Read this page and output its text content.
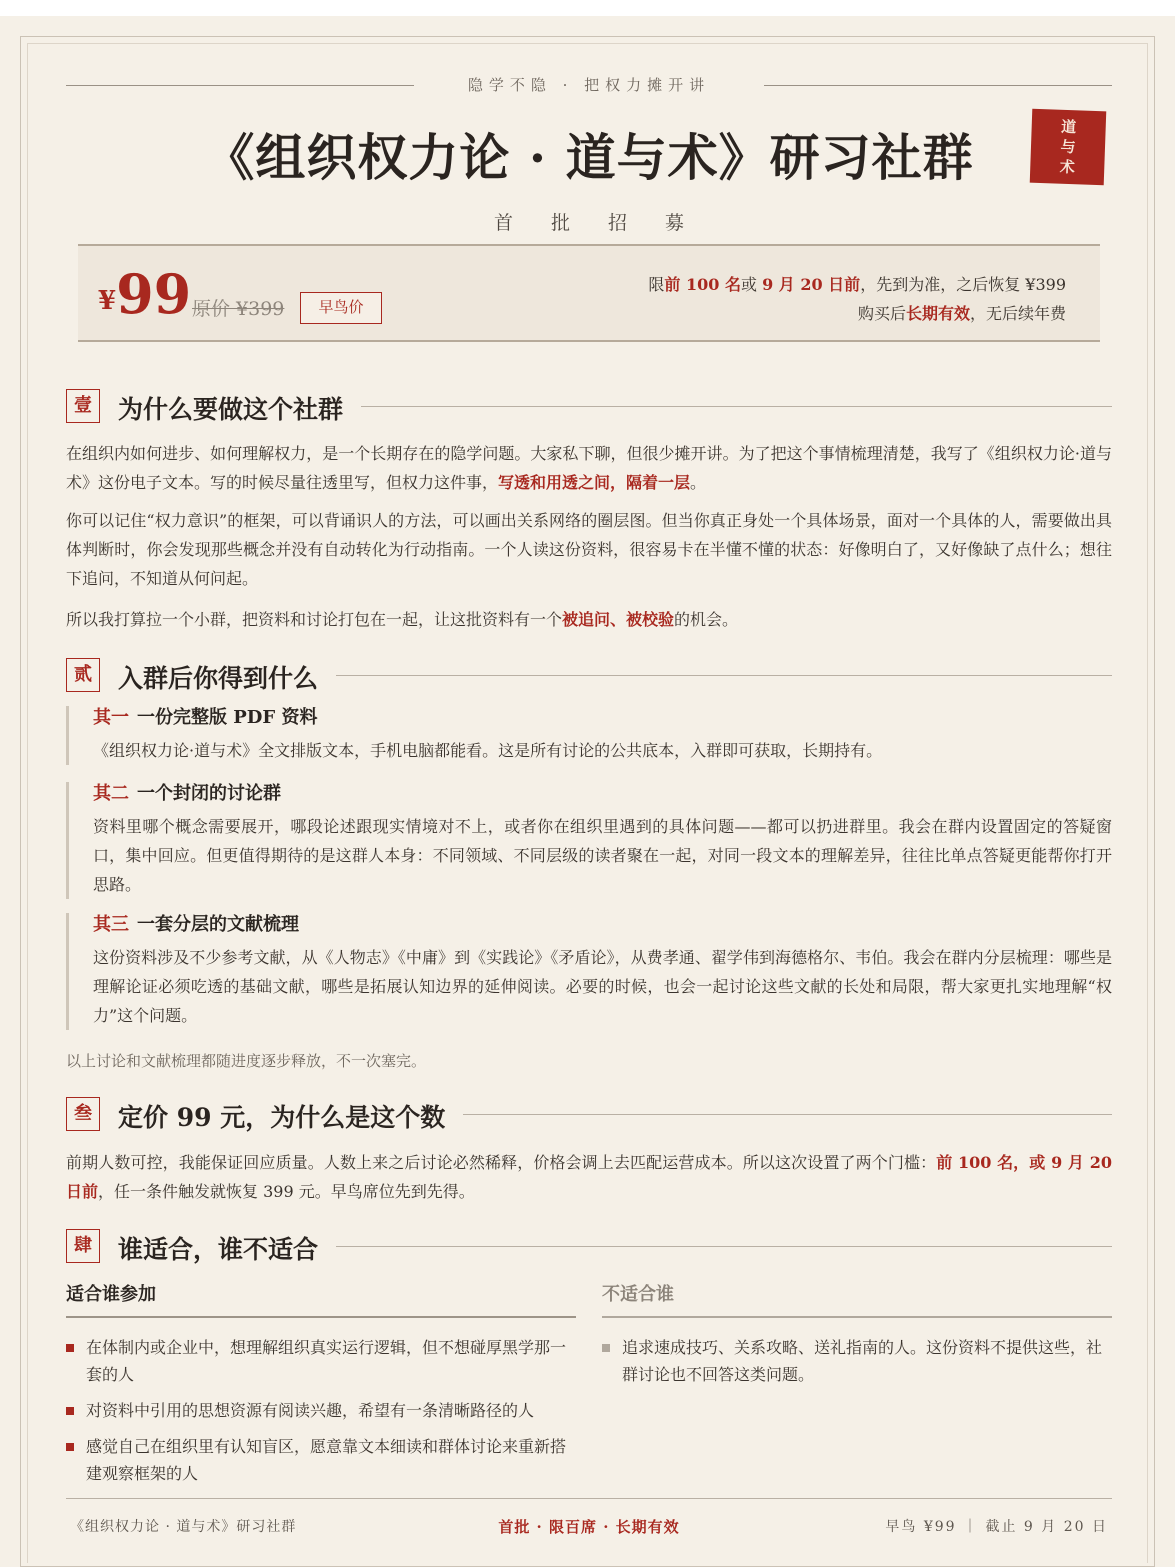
隐学不隐 · 把权力摊开讲
《组织权力论 · 道与术》研习社群
道
与
术
首批招募
¥99 原价 ¥399	早鸟价
限前 100 名或 9 月 20 日前，先到为准，之后恢复 ¥399
购买后长期有效，无后续年费
壹	为什么要做这个社群
在组织内如何进步、如何理解权力，是一个长期存在的隐学问题。大家私下聊，但很少摊开讲。为了把这个事情梳理清楚，我写了《组织权力论·道与术》这份电子文本。写的时候尽量往透里写，但权力这件事，写透和用透之间，隔着一层。
你可以记住“权力意识”的框架，可以背诵识人的方法，可以画出关系网络的圈层图。但当你真正身处一个具体场景，面对一个具体的人，需要做出具体判断时，你会发现那些概念并没有自动转化为行动指南。一个人读这份资料，很容易卡在半懂不懂的状态：好像明白了，又好像缺了点什么；想往下追问，不知道从何问起。
所以我打算拉一个小群，把资料和讨论打包在一起，让这批资料有一个被追问、被校验的机会。
贰	入群后你得到什么
其一 一份完整版 PDF 资料
《组织权力论·道与术》全文排版文本，手机电脑都能看。这是所有讨论的公共底本，入群即可获取，长期持有。
其二 一个封闭的讨论群
资料里哪个概念需要展开，哪段论述跟现实情境对不上，或者你在组织里遇到的具体问题——都可以扔进群里。我会在群内设置固定的答疑窗口，集中回应。但更值得期待的是这群人本身：不同领域、不同层级的读者聚在一起，对同一段文本的理解差异，往往比单点答疑更能帮你打开思路。
其三 一套分层的文献梳理
这份资料涉及不少参考文献，从《人物志》《中庸》到《实践论》《矛盾论》，从费孝通、翟学伟到海德格尔、韦伯。我会在群内分层梳理：哪些是理解论证必须吃透的基础文献，哪些是拓展认知边界的延伸阅读。必要的时候，也会一起讨论这些文献的长处和局限，帮大家更扎实地理解“权力”这个问题。
以上讨论和文献梳理都随进度逐步释放，不一次塞完。
叁	定价 99 元，为什么是这个数
前期人数可控，我能保证回应质量。人数上来之后讨论必然稀释，价格会调上去匹配运营成本。所以这次设置了两个门槛：前 100 名，或 9 月 20 日前，任一条件触发就恢复 399 元。早鸟席位先到先得。
肆	谁适合，谁不适合
适合谁参加
在体制内或企业中，想理解组织真实运行逻辑，但不想碰厚黑学那一套的人
对资料中引用的思想资源有阅读兴趣，希望有一条清晰路径的人
感觉自己在组织里有认知盲区，愿意靠文本细读和群体讨论来重新搭建观察框架的人
不适合谁
追求速成技巧、关系攻略、送礼指南的人。这份资料不提供这些，社群讨论也不回答这类问题。
《组织权力论 · 道与术》研习社群	首批 · 限百席 · 长期有效	早鸟 ¥99 ｜ 截止 9 月 20 日
